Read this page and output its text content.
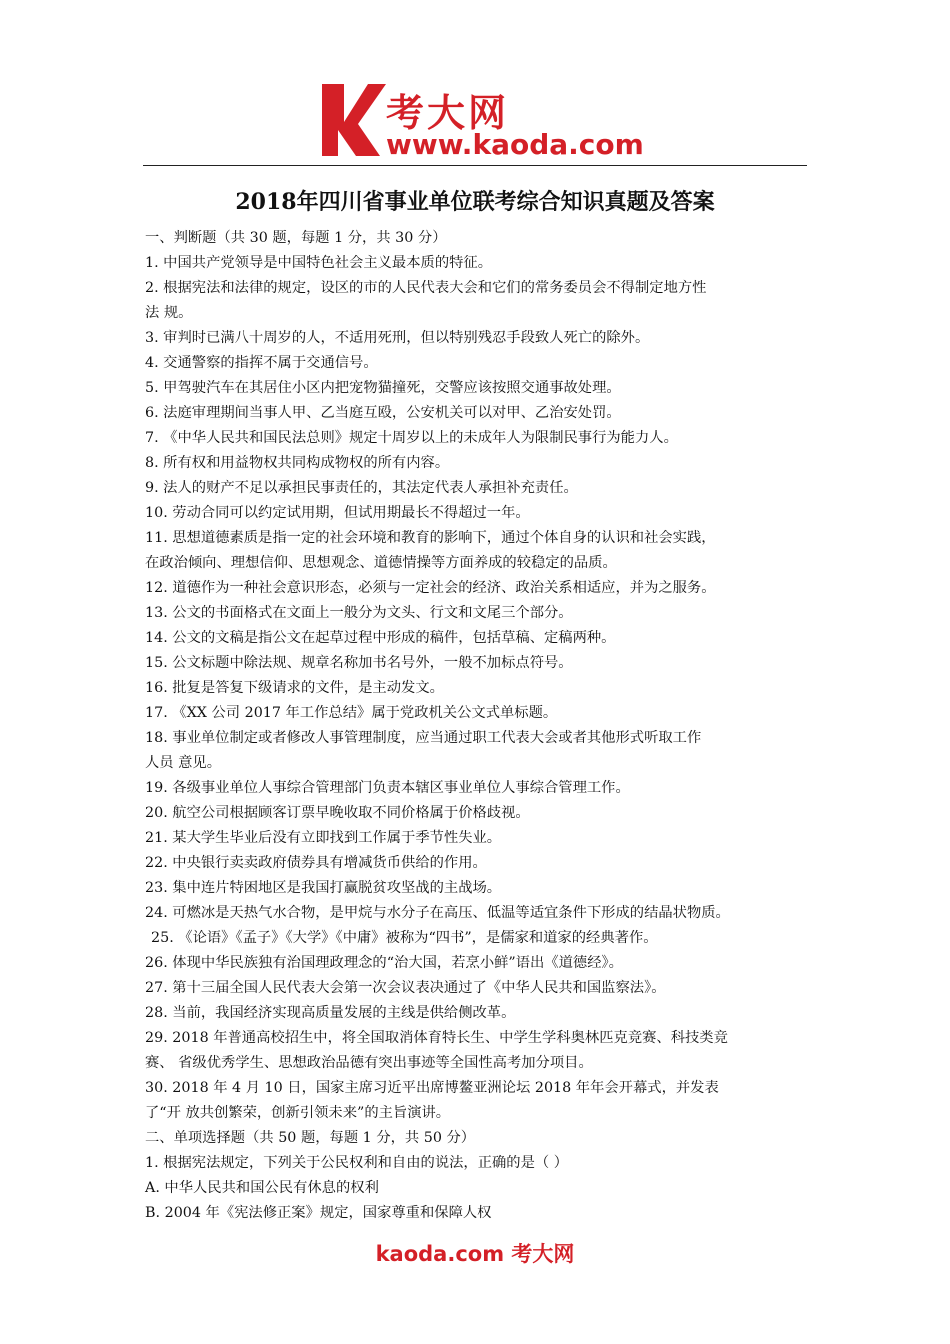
考大网
www.kaoda.com
2018年四川省事业单位联考综合知识真题及答案
一、判断题（共 30 题，每题 1 分，共 30 分）
1. 中国共产党领导是中国特色社会主义最本质的特征。
2. 根据宪法和法律的规定，设区的市的人民代表大会和它们的常务委员会不得制定地方性
法 规。
3. 审判时已满八十周岁的人，不适用死刑，但以特别残忍手段致人死亡的除外。
4. 交通警察的指挥不属于交通信号。
5. 甲驾驶汽车在其居住小区内把宠物猫撞死，交警应该按照交通事故处理。
6. 法庭审理期间当事人甲、乙当庭互殴，公安机关可以对甲、乙治安处罚。
7. 《中华人民共和国民法总则》规定十周岁以上的未成年人为限制民事行为能力人。
8. 所有权和用益物权共同构成物权的所有内容。
9. 法人的财产不足以承担民事责任的，其法定代表人承担补充责任。
10. 劳动合同可以约定试用期，但试用期最长不得超过一年。
11. 思想道德素质是指一定的社会环境和教育的影响下，通过个体自身的认识和社会实践，
在政治倾向、理想信仰、思想观念、道德情操等方面养成的较稳定的品质。
12. 道德作为一种社会意识形态，必须与一定社会的经济、政治关系相适应，并为之服务。
13. 公文的书面格式在文面上一般分为文头、行文和文尾三个部分。
14. 公文的文稿是指公文在起草过程中形成的稿件，包括草稿、定稿两种。
15. 公文标题中除法规、规章名称加书名号外，一般不加标点符号。
16. 批复是答复下级请求的文件，是主动发文。
17. 《XX 公司 2017 年工作总结》属于党政机关公文式单标题。
18. 事业单位制定或者修改人事管理制度，应当通过职工代表大会或者其他形式听取工作
人员 意见。
19. 各级事业单位人事综合管理部门负责本辖区事业单位人事综合管理工作。
20. 航空公司根据顾客订票早晚收取不同价格属于价格歧视。
21. 某大学生毕业后没有立即找到工作属于季节性失业。
22. 中央银行卖卖政府债券具有增减货币供给的作用。
23. 集中连片特困地区是我国打赢脱贫攻坚战的主战场。
24. 可燃冰是天热气水合物，是甲烷与水分子在高压、低温等适宜条件下形成的结晶状物质。
25. 《论语》《孟子》《大学》《中庸》被称为“四书”，是儒家和道家的经典著作。
26. 体现中华民族独有治国理政理念的“治大国，若烹小鲜”语出《道德经》。
27. 第十三届全国人民代表大会第一次会议表决通过了《中华人民共和国监察法》。
28. 当前，我国经济实现高质量发展的主线是供给侧改革。
29. 2018 年普通高校招生中，将全国取消体育特长生、中学生学科奥林匹克竞赛、科技类竞
赛、 省级优秀学生、思想政治品德有突出事迹等全国性高考加分项目。
30. 2018 年 4 月 10 日，国家主席习近平出席博鳌亚洲论坛 2018 年年会开幕式，并发表
了“开 放共创繁荣，创新引领未来”的主旨演讲。
二、单项选择题（共 50 题，每题 1 分，共 50 分）
1. 根据宪法规定，下列关于公民权利和自由的说法，正确的是（ ）
A. 中华人民共和国公民有休息的权利
B. 2004 年《宪法修正案》规定，国家尊重和保障人权
kaoda.com 考大网
